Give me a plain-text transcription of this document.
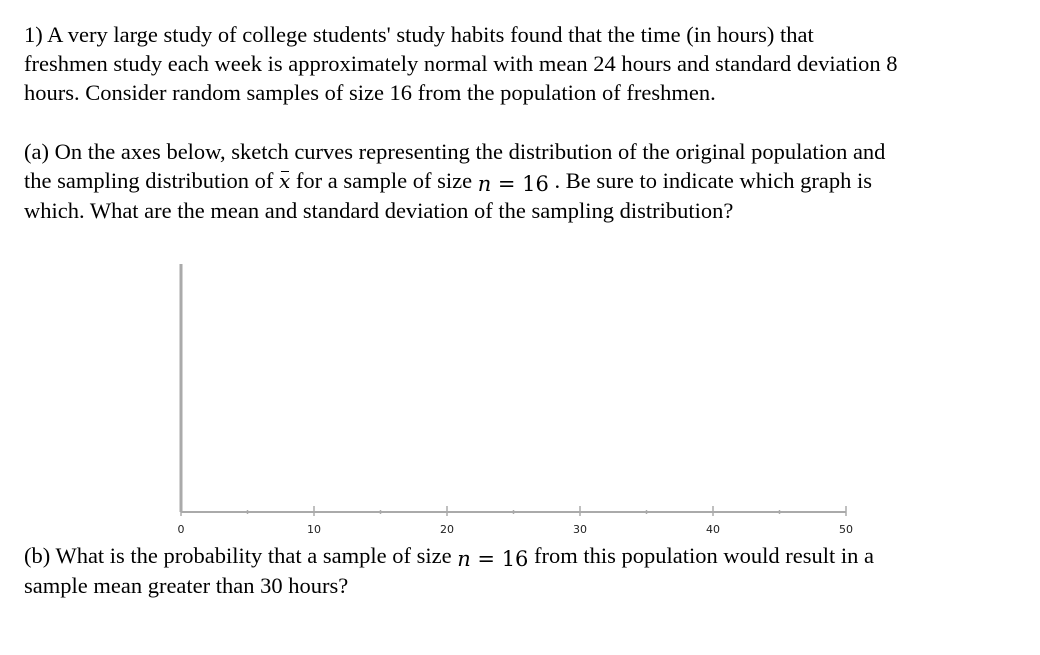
1) A very large study of college students' study habits found that the time (in hours) that
freshmen study each week is approximately normal with mean 24 hours and standard deviation 8
hours. Consider random samples of size 16 from the population of freshmen.
(a) On the axes below, sketch curves representing the distribution of the original population and
the sampling distribution of x for a sample of size n = 16 . Be sure to indicate which graph is
which. What are the mean and standard deviation of the sampling distribution?
0	10	20	30	40	50
(b) What is the probability that a sample of size n = 16 from this population would result in a
sample mean greater than 30 hours?
